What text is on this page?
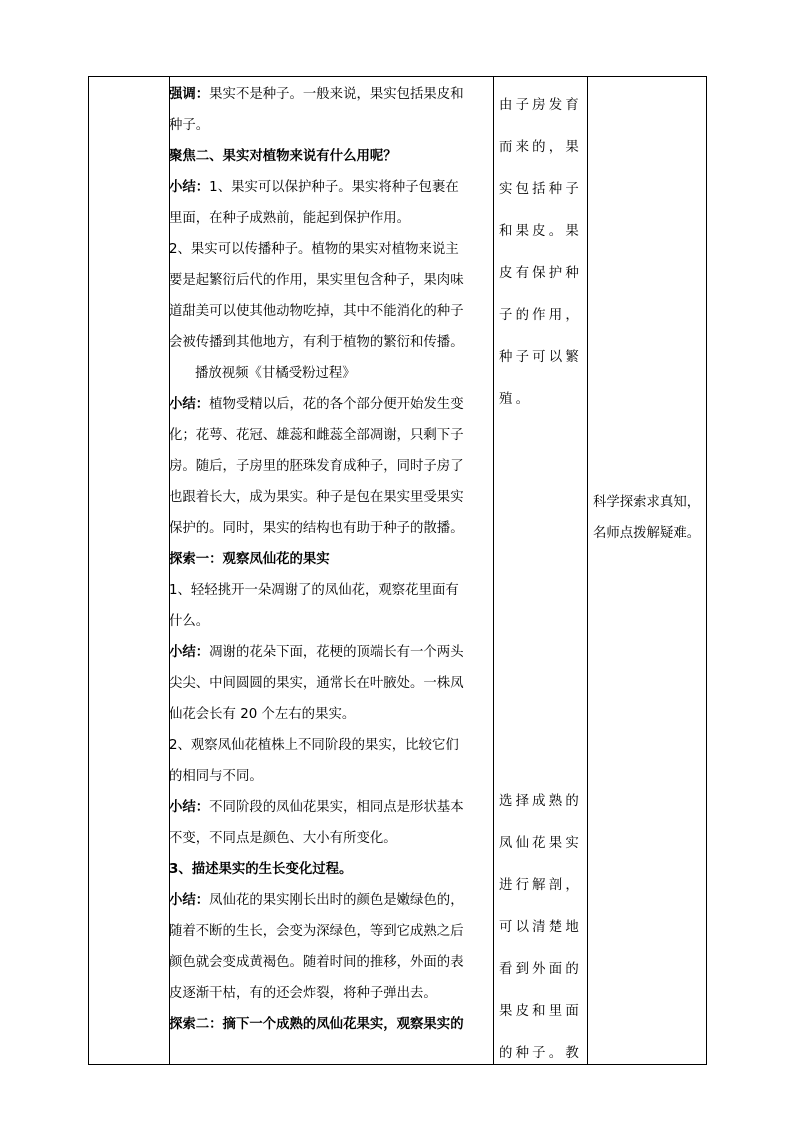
强调：果实不是种子。一般来说，果实包括果皮和

种子。

聚焦二、果实对植物来说有什么用呢？

小结：1、果实可以保护种子。果实将种子包裹在

里面，在种子成熟前，能起到保护作用。

2、果实可以传播种子。植物的果实对植物来说主

要是起繁衍后代的作用，果实里包含种子，果肉味

道甜美可以使其他动物吃掉，其中不能消化的种子

会被传播到其他地方，有利于植物的繁衍和传播。

播放视频《甘橘受粉过程》

小结：植物受精以后，花的各个部分便开始发生变

化；花萼、花冠、雄蕊和雌蕊全部凋谢，只剩下子

房。随后，子房里的胚珠发育成种子，同时子房了

也跟着长大，成为果实。种子是包在果实里受果实

保护的。同时，果实的结构也有助于种子的散播。

探索一：观察凤仙花的果实

1、轻轻挑开一朵凋谢了的凤仙花，观察花里面有

什么。

小结：凋谢的花朵下面，花梗的顶端长有一个两头

尖尖、中间圆圆的果实，通常长在叶腋处。一株凤

仙花会长有 20 个左右的果实。

2、观察凤仙花植株上不同阶段的果实，比较它们

的相同与不同。

小结：不同阶段的凤仙花果实，相同点是形状基本

不变，不同点是颜色、大小有所变化。

3、描述果实的生长变化过程。

小结：凤仙花的果实刚长出时的颜色是嫩绿色的，

随着不断的生长，会变为深绿色，等到它成熟之后

颜色就会变成黄褐色。随着时间的推移，外面的表

皮逐渐干枯，有的还会炸裂，将种子弹出去。

探索二：摘下一个成熟的凤仙花果实，观察果实的

由子房发育

而来的，果

实包括种子

和果皮。果

皮有保护种

子的作用，

种子可以繁

殖。

选择成熟的

凤仙花果实

进行解剖，

可以清楚地

看到外面的

果皮和里面

的种子。教

科学探索求真知，

名师点拨解疑难。
